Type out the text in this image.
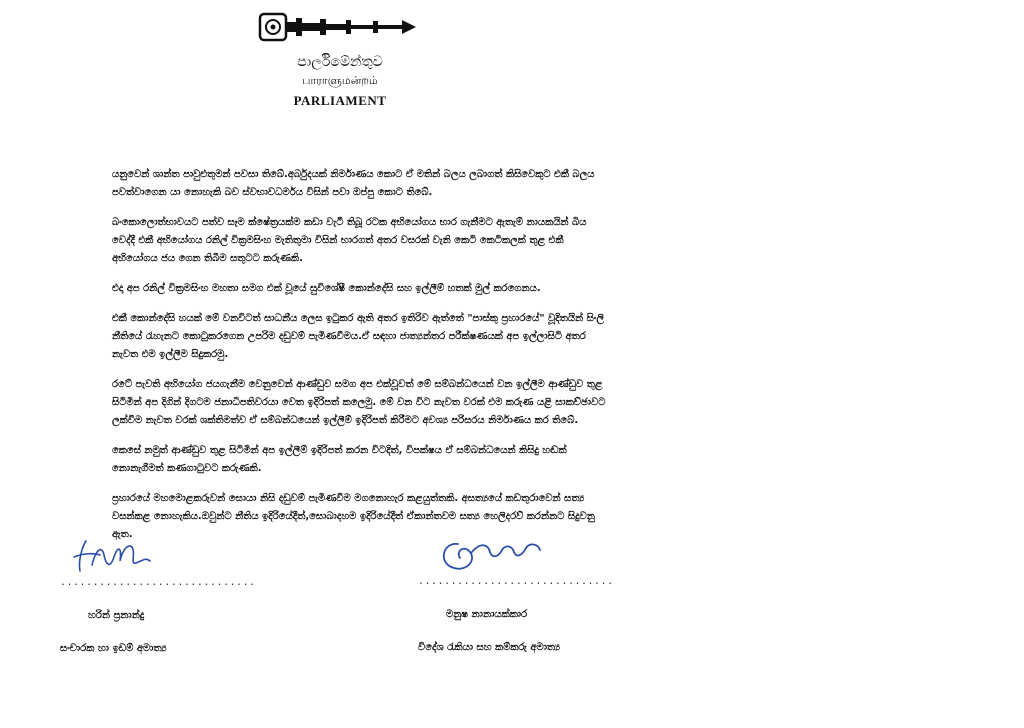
පාර්ලිමේන්තුව
பாராளுமன்றம்
PARLIAMENT

යනුවෙන් ශාන්ත පාවුළුතුමන් පවසා තිබේ.අර්බුදයක් නිර්මාණය කොට ඒ මතින් බලය ලබාගත් කිසිවෙකුට එකී බලය පවත්වාගෙන යා නොහැකි බව ස්වභාවධර්මය විසින් පවා ඔප්පු කොට තිබේ.

බංකොලොත්භාවයට පත්ව සෑම ක්ෂේත්‍රයක්ම කඩා වැටී තිබූ රටක අභියෝගය භාර ගැනීමට ඇතැම් නායකයින් බිය වෙද්දී එකී අභියෝගය රනිල් වික්‍රමසිංහ මැතිතුමා විසින් භාරගත් අතර වසරක් වැනි කෙටි කෙටිකලක් තුළ එකී අභියෝගය ජය ගෙන තිබීම සතුටට කරුණකි.

එදා අප රනිල් වික්‍රමසිංහ මහතා සමග එක් වූයේ සුවිශේෂී කොන්දේසි සහ ඉල්ලීම් හතක් මුල් කරගෙනය.

එකී කොන්දේසි හයක් මේ වනවිටත් සාධනීය ලෙස ඉටුකර ඇති අතර ඉතිරිව ඇත්තේ "පාස්කු ප්‍රහාරයේ" වූදිතයින් සිංලි නීතියේ රැහැනට කොටුකරගෙන උපරිම දඩුවම් පැමිණවීමය.ඒ සඳහා ජාත්‍යන්තර පරීක්ෂණයක් අප ඉල්ලාසිටි අතර නැවත එම ඉල්ලීම සිදුකරමු.

රටේ පැවති අභියෝග ජයගැනීම වෙනුවෙන් ආණ්ඩුව සමග අප එක්වූවත් මේ සම්බන්ධයෙන් වන ඉල්ලීම ආණ්ඩුව තුළ සිටිමින් අප දිගින් දිගටම ජනාධිපතිවරයා වෙත ඉදිරිපත් කලෙමු. මේ වන විට නැවත වරක් එම කරුණ යළි සාකච්ඡාවට ලක්වීම නැවත වරක් ශක්තිමත්ව ඒ සම්බන්ධයෙන් ඉල්ලීම් ඉදිරිපත් කිරීමට අවශ්‍ය පරිසරය නිර්මාණය කර තිබේ.

කෙසේ නමුත් ආණ්ඩුව තුළ සිටිමින් අප ඉල්ලීම් ඉදිරිපත් කරන විටදිත්, විපක්ෂය ඒ සම්බන්ධයෙන් කිසිදු හඬක් නොනැගීමත් කණගාටුවට කරුණකි.

ප්‍රහාරයේ මහමොළකරුවන් සොයා නිසි දඩුවම් පැමිණවීම මගනොහැර කළයුත්තකි. අසත්‍යයේ කඩතුරාවෙන් සත්‍ය වසන්කළ නොහැකිය.ඔවුන්ට නීතිය ඉදිරියේදීත්,සොබාදහම ඉදිරියේදීත් ඒකාන්තවම සත්‍ය හෙලිදරව් කරන්නට සිදුවනු ඇත.

..............................
හරින් ප්‍රනාන්දු
සංචාරක හා ඉඩම් අමාත්‍ය
..............................
මනුෂ නානායක්කාර
විදේශ රැකියා සහ කම්කරු අමාත්‍ය
